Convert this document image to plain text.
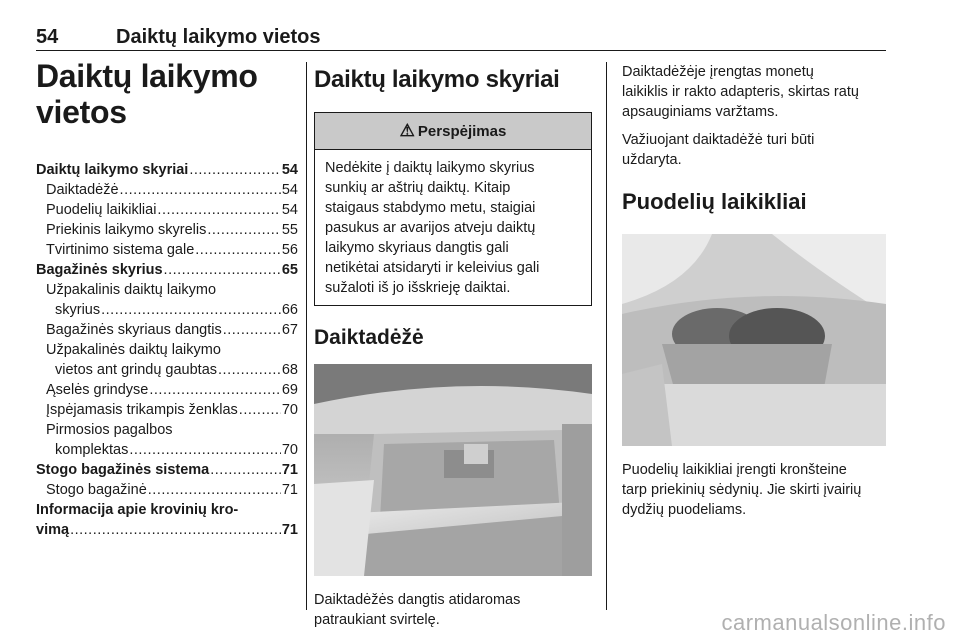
54	Daiktų laikymo vietos
Daiktų laikymo
vietos
Daiktų laikymo skyriai .....	54
Daiktadėžė .....	54
Puodelių laikikliai .....	54
Priekinis laikymo skyrelis .....	55
Tvirtinimo sistema gale .....	56
Bagažinės skyrius .....	65
Užpakalinis daiktų laikymo
skyrius .....	66
Bagažinės skyriaus dangtis .....	67
Užpakalinės daiktų laikymo
vietos ant grindų gaubtas .....	68
Ąselės grindyse .....	69
Įspėjamasis trikampis ženklas .....	70
Pirmosios pagalbos
komplektas .....	70
Stogo bagažinės sistema .....	71
Stogo bagažinė .....	71
Informacija apie krovinių kro-
vimą .....	71
Daiktų laikymo skyriai
⚠ Perspėjimas
Nedėkite į daiktų laikymo skyrius
sunkių ar aštrių daiktų. Kitaip
staigaus stabdymo metu, staigiai
pasukus ar avarijos atveju daiktų
laikymo skyriaus dangtis gali
netikėtai atsidaryti ir keleivius gali
sužaloti iš jo išskrieję daiktai.
Daiktadėžė
Daiktadėžės dangtis atidaromas
patraukiant svirtelę.
Daiktadėžėje įrengtas monetų
laikiklis ir rakto adapteris, skirtas ratų
apsauginiams varžtams.
Važiuojant daiktadėžė turi būti
uždaryta.
Puodelių laikikliai
Puodelių laikikliai įrengti kronšteine
tarp priekinių sėdynių. Jie skirti įvairių
dydžių puodeliams.
carmanualsonline.info
